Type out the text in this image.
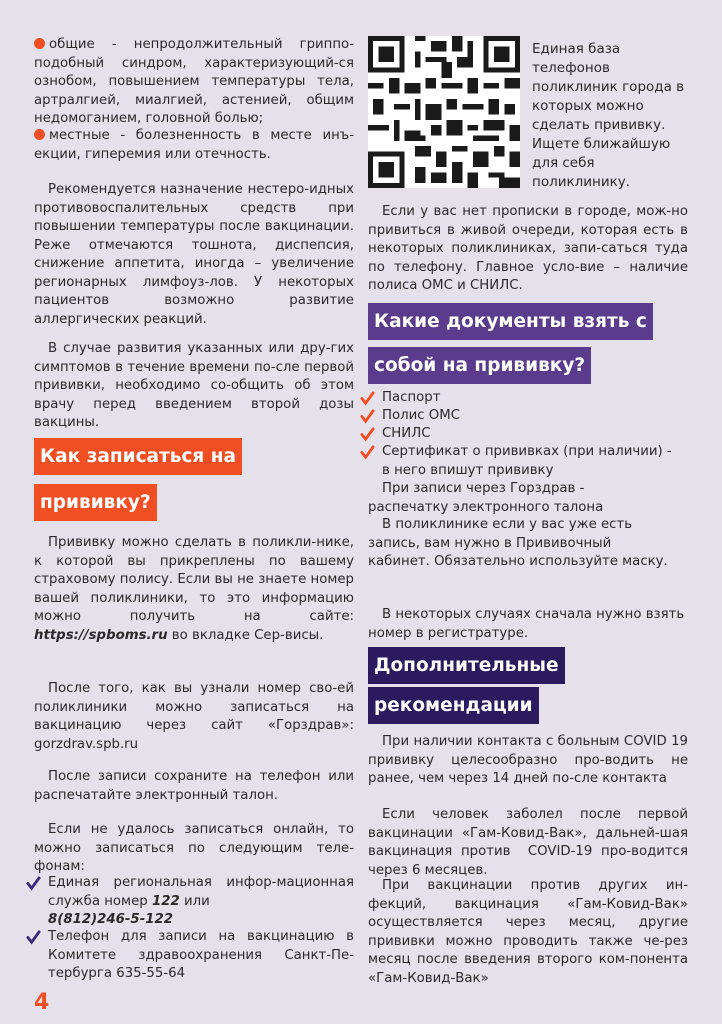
общие - непродолжительный гриппо-подобный синдром, характеризующий-ся ознобом, повышением температуры тела, артралгией, миалгией, астенией, общим недомоганием, головной болью;

местные - болезненность в месте инъ-екции, гиперемия или отечность.

Рекомендуется назначение нестеро-идных противовоспалительных средств при повышении температуры после вакцинации. Реже отмечаются тошнота, диспепсия, снижение аппетита, иногда – увеличение регионарных лимфоуз-лов. У некоторых пациентов возможно развитие аллергических реакций.

В случае развития указанных или дру-гих симптомов в течение времени по-сле первой прививки, необходимо со-общить об этом врачу перед введением второй дозы вакцины.

Как записаться на
прививку?

Прививку можно сделать в поликли-нике, к которой вы прикреплены по вашему страховому полису. Если вы не знаете номер вашей поликлиники, то это информацию можно получить на сайте: https://spboms.ru во вкладке Сер-висы.

После того, как вы узнали номер сво-ей поликлиники можно записаться на вакцинацию через сайт «Горздрав»: gorzdrav.spb.ru

После записи сохраните на телефон или распечатайте электронный талон.

Если не удалось записаться онлайн, то можно записаться по следующим теле-фонам:

Единая региональная инфор-мационная служба номер 122 или
8(812)246-5-122

Телефон для записи на вакцинацию в Комитете здравоохранения Санкт-Пе-тербурга 635-55-64

4

Единая база телефонов поликлиник города в которых можно сделать прививку. Ищете ближайшую для себя поликлинику.

Если у вас нет прописки в городе, мож-но привиться в живой очереди, которая есть в некоторых поликлиниках, запи-саться туда по телефону. Главное усло-вие – наличие полиса ОМС и СНИЛС.

Какие документы взять с
собой на прививку?

Паспорт

Полис ОМС

СНИЛС

Сертификат о прививках (при наличии) -  в него впишут прививку

При записи через Горздрав - распечатку электронного талона

В поликлинике если у вас уже есть запись, вам нужно в Прививочный кабинет. Обязательно используйте маску.

В некоторых случаях сначала нужно взять номер в регистратуре.

Дополнительные
рекомендации

При наличии контакта с больным COVID 19 прививку целесообразно про-водить не ранее, чем через 14 дней по-сле контакта

Если человек заболел после первой вакцинации «Гам-Ковид-Вак», дальней-шая вакцинация против  COVID-19 про-водится через 6 месяцев.

При вакцинации против других ин-фекций, вакцинация «Гам-Ковид-Вак» осуществляется через месяц, другие прививки можно проводить также че-рез месяц после введения второго ком-понента «Гам-Ковид-Вак»
